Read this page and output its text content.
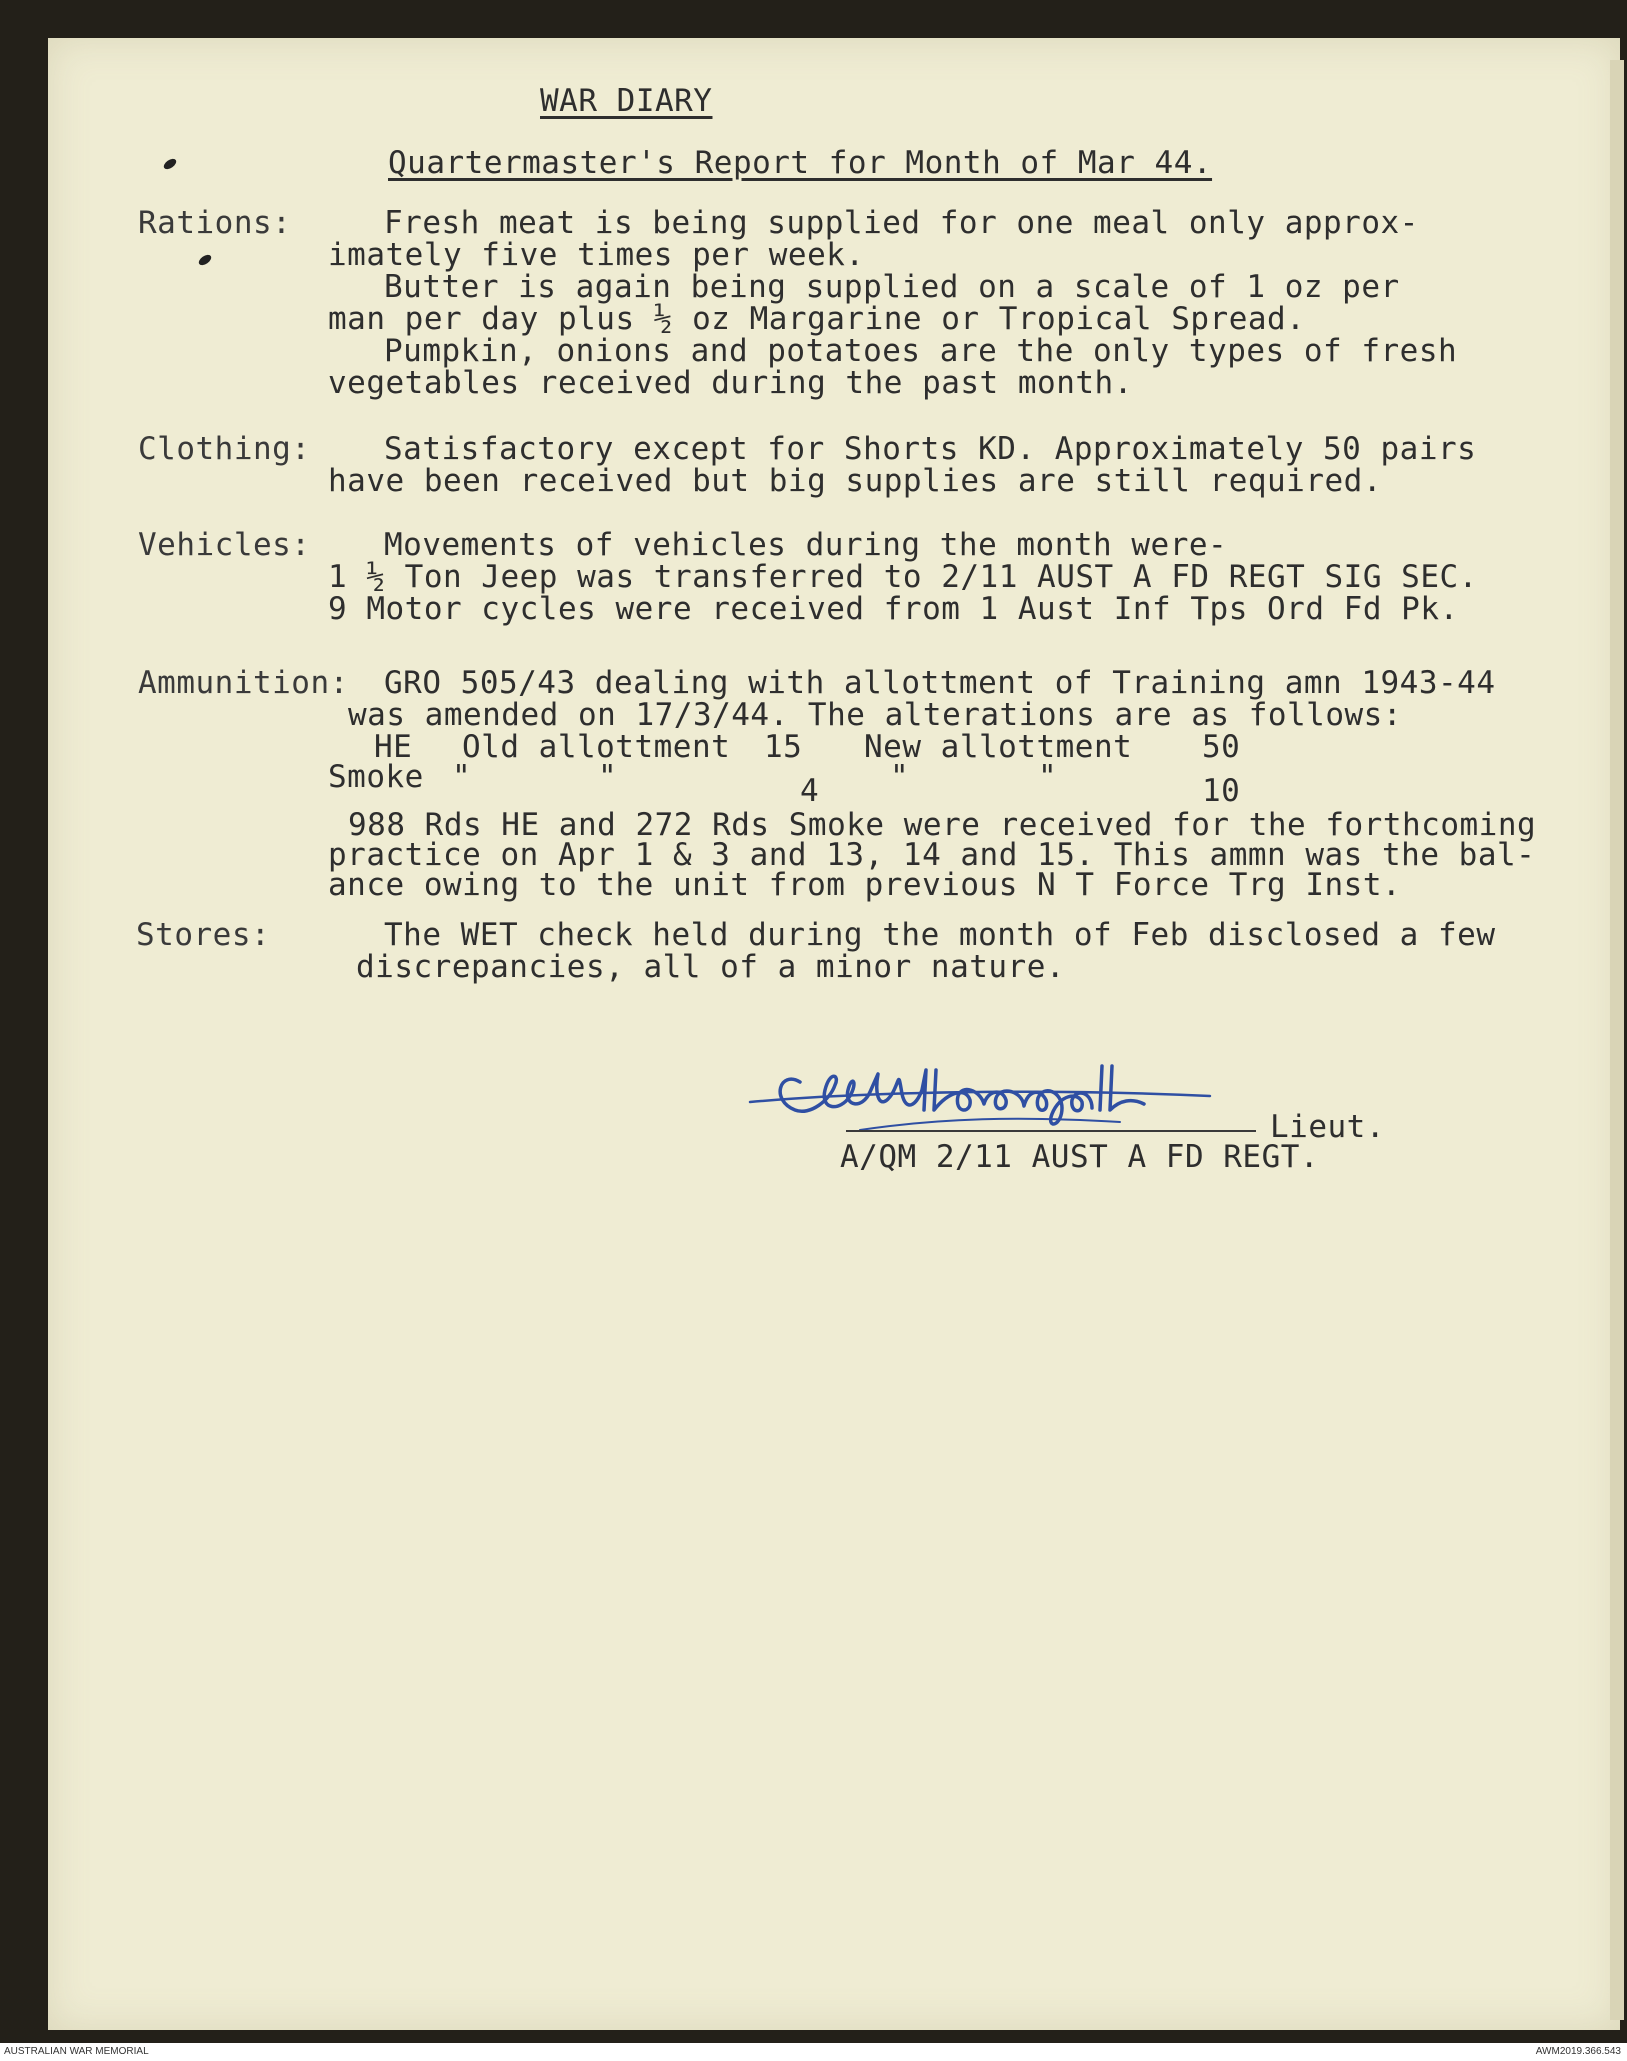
WAR DIARY
Quartermaster's Report for Month of Mar 44.
Rations:	Fresh meat is being supplied for one meal only approx-
imately five times per week.
Butter is again being supplied on a scale of 1 oz per
man per day plus ½ oz Margarine or Tropical Spread.
Pumpkin, onions and potatoes are the only types of fresh
vegetables received during the past month.
Clothing: Satisfactory except for Shorts KD. Approximately 50 pairs
have been received but big supplies are still required.
Vehicles: Movements of vehicles during the month were-
1 ½ Ton Jeep was transferred to 2/11 AUST A FD REGT SIG SEC.
9 Motor cycles were received from 1 Aust Inf Tps Ord Fd Pk.
Ammunition: GRO 505/43 dealing with allottment of Training amn 1943-44
was amended on 17/3/44. The alterations are as follows:
HE Old allottment 15 New allottment 50
Smoke "	"	4 "	"	10
988 Rds HE and 272 Rds Smoke were received for the forthcoming
practice on Apr 1 & 3 and 13, 14 and 15. This ammn was the bal-
ance owing to the unit from previous N T Force Trg Inst.
Stores:	The WET check held during the month of Feb disclosed a few
discrepancies, all of a minor nature.
Lieut.
A/QM 2/11 AUST A FD REGT.
AUSTRALIAN WAR MEMORIAL	AWM2019.366.543
